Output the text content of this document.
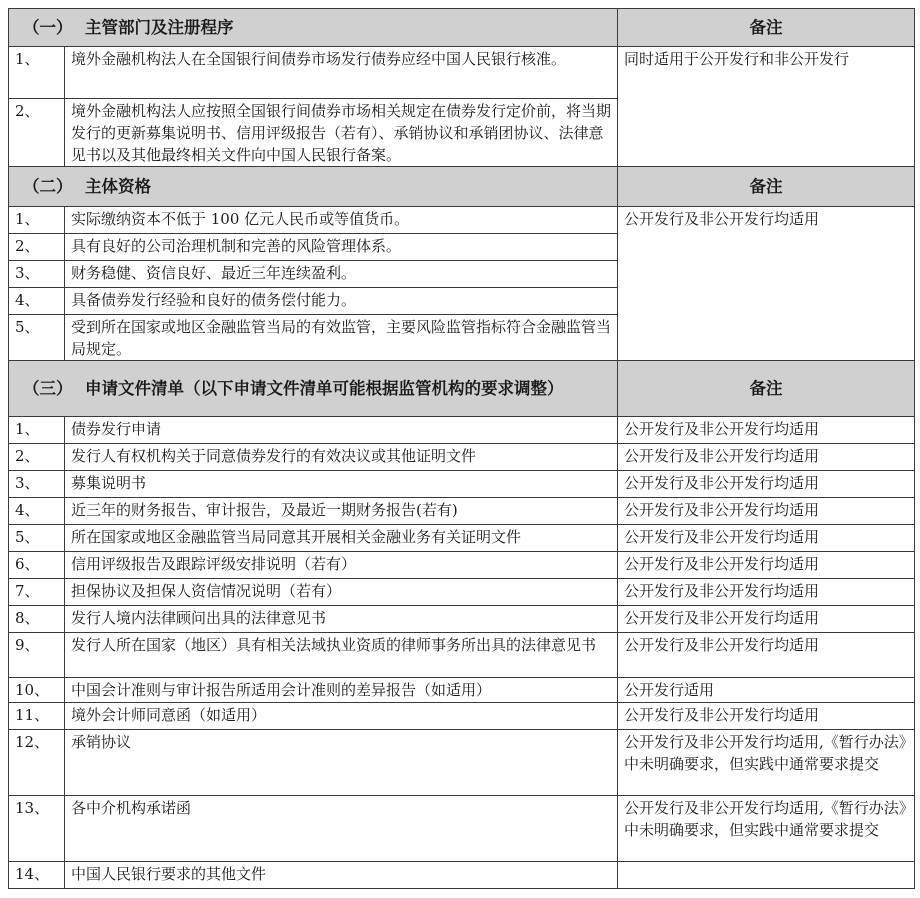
（一） 主管部门及注册程序		备注
1、	境外金融机构法人在全国银行间债券市场发行债券应经中国人民银行核准。	同时适用于公开发行和非公开发行
2、	境外金融机构法人应按照全国银行间债券市场相关规定在债券发行定价前，将当期发行的更新募集说明书、信用评级报告（若有）、承销协议和承销团协议、法律意见书以及其他最终相关文件向中国人民银行备案。	

（二） 主体资格		备注
1、	实际缴纳资本不低于 100 亿元人民币或等值货币。	公开发行及非公开发行均适用
2、	具有良好的公司治理机制和完善的风险管理体系。	
3、	财务稳健、资信良好、最近三年连续盈利。	
4、	具备债券发行经验和良好的债务偿付能力。	
5、	受到所在国家或地区金融监管当局的有效监管，主要风险监管指标符合金融监管当局规定。	

（三） 申请文件清单（以下申请文件清单可能根据监管机构的要求调整）		备注
1、	债券发行申请	公开发行及非公开发行均适用
2、	发行人有权机构关于同意债券发行的有效决议或其他证明文件	公开发行及非公开发行均适用
3、	募集说明书	公开发行及非公开发行均适用
4、	近三年的财务报告、审计报告，及最近一期财务报告(若有)	公开发行及非公开发行均适用
5、	所在国家或地区金融监管当局同意其开展相关金融业务有关证明文件	公开发行及非公开发行均适用
6、	信用评级报告及跟踪评级安排说明（若有）	公开发行及非公开发行均适用
7、	担保协议及担保人资信情况说明（若有）	公开发行及非公开发行均适用
8、	发行人境内法律顾问出具的法律意见书	公开发行及非公开发行均适用
9、	发行人所在国家（地区）具有相关法域执业资质的律师事务所出具的法律意见书	公开发行及非公开发行均适用
10、	中国会计准则与审计报告所适用会计准则的差异报告（如适用）	公开发行适用
11、	境外会计师同意函（如适用）	公开发行及非公开发行均适用
12、	承销协议	公开发行及非公开发行均适用,《暂行办法》中未明确要求，但实践中通常要求提交
13、	各中介机构承诺函	公开发行及非公开发行均适用,《暂行办法》中未明确要求，但实践中通常要求提交
14、	中国人民银行要求的其他文件	
